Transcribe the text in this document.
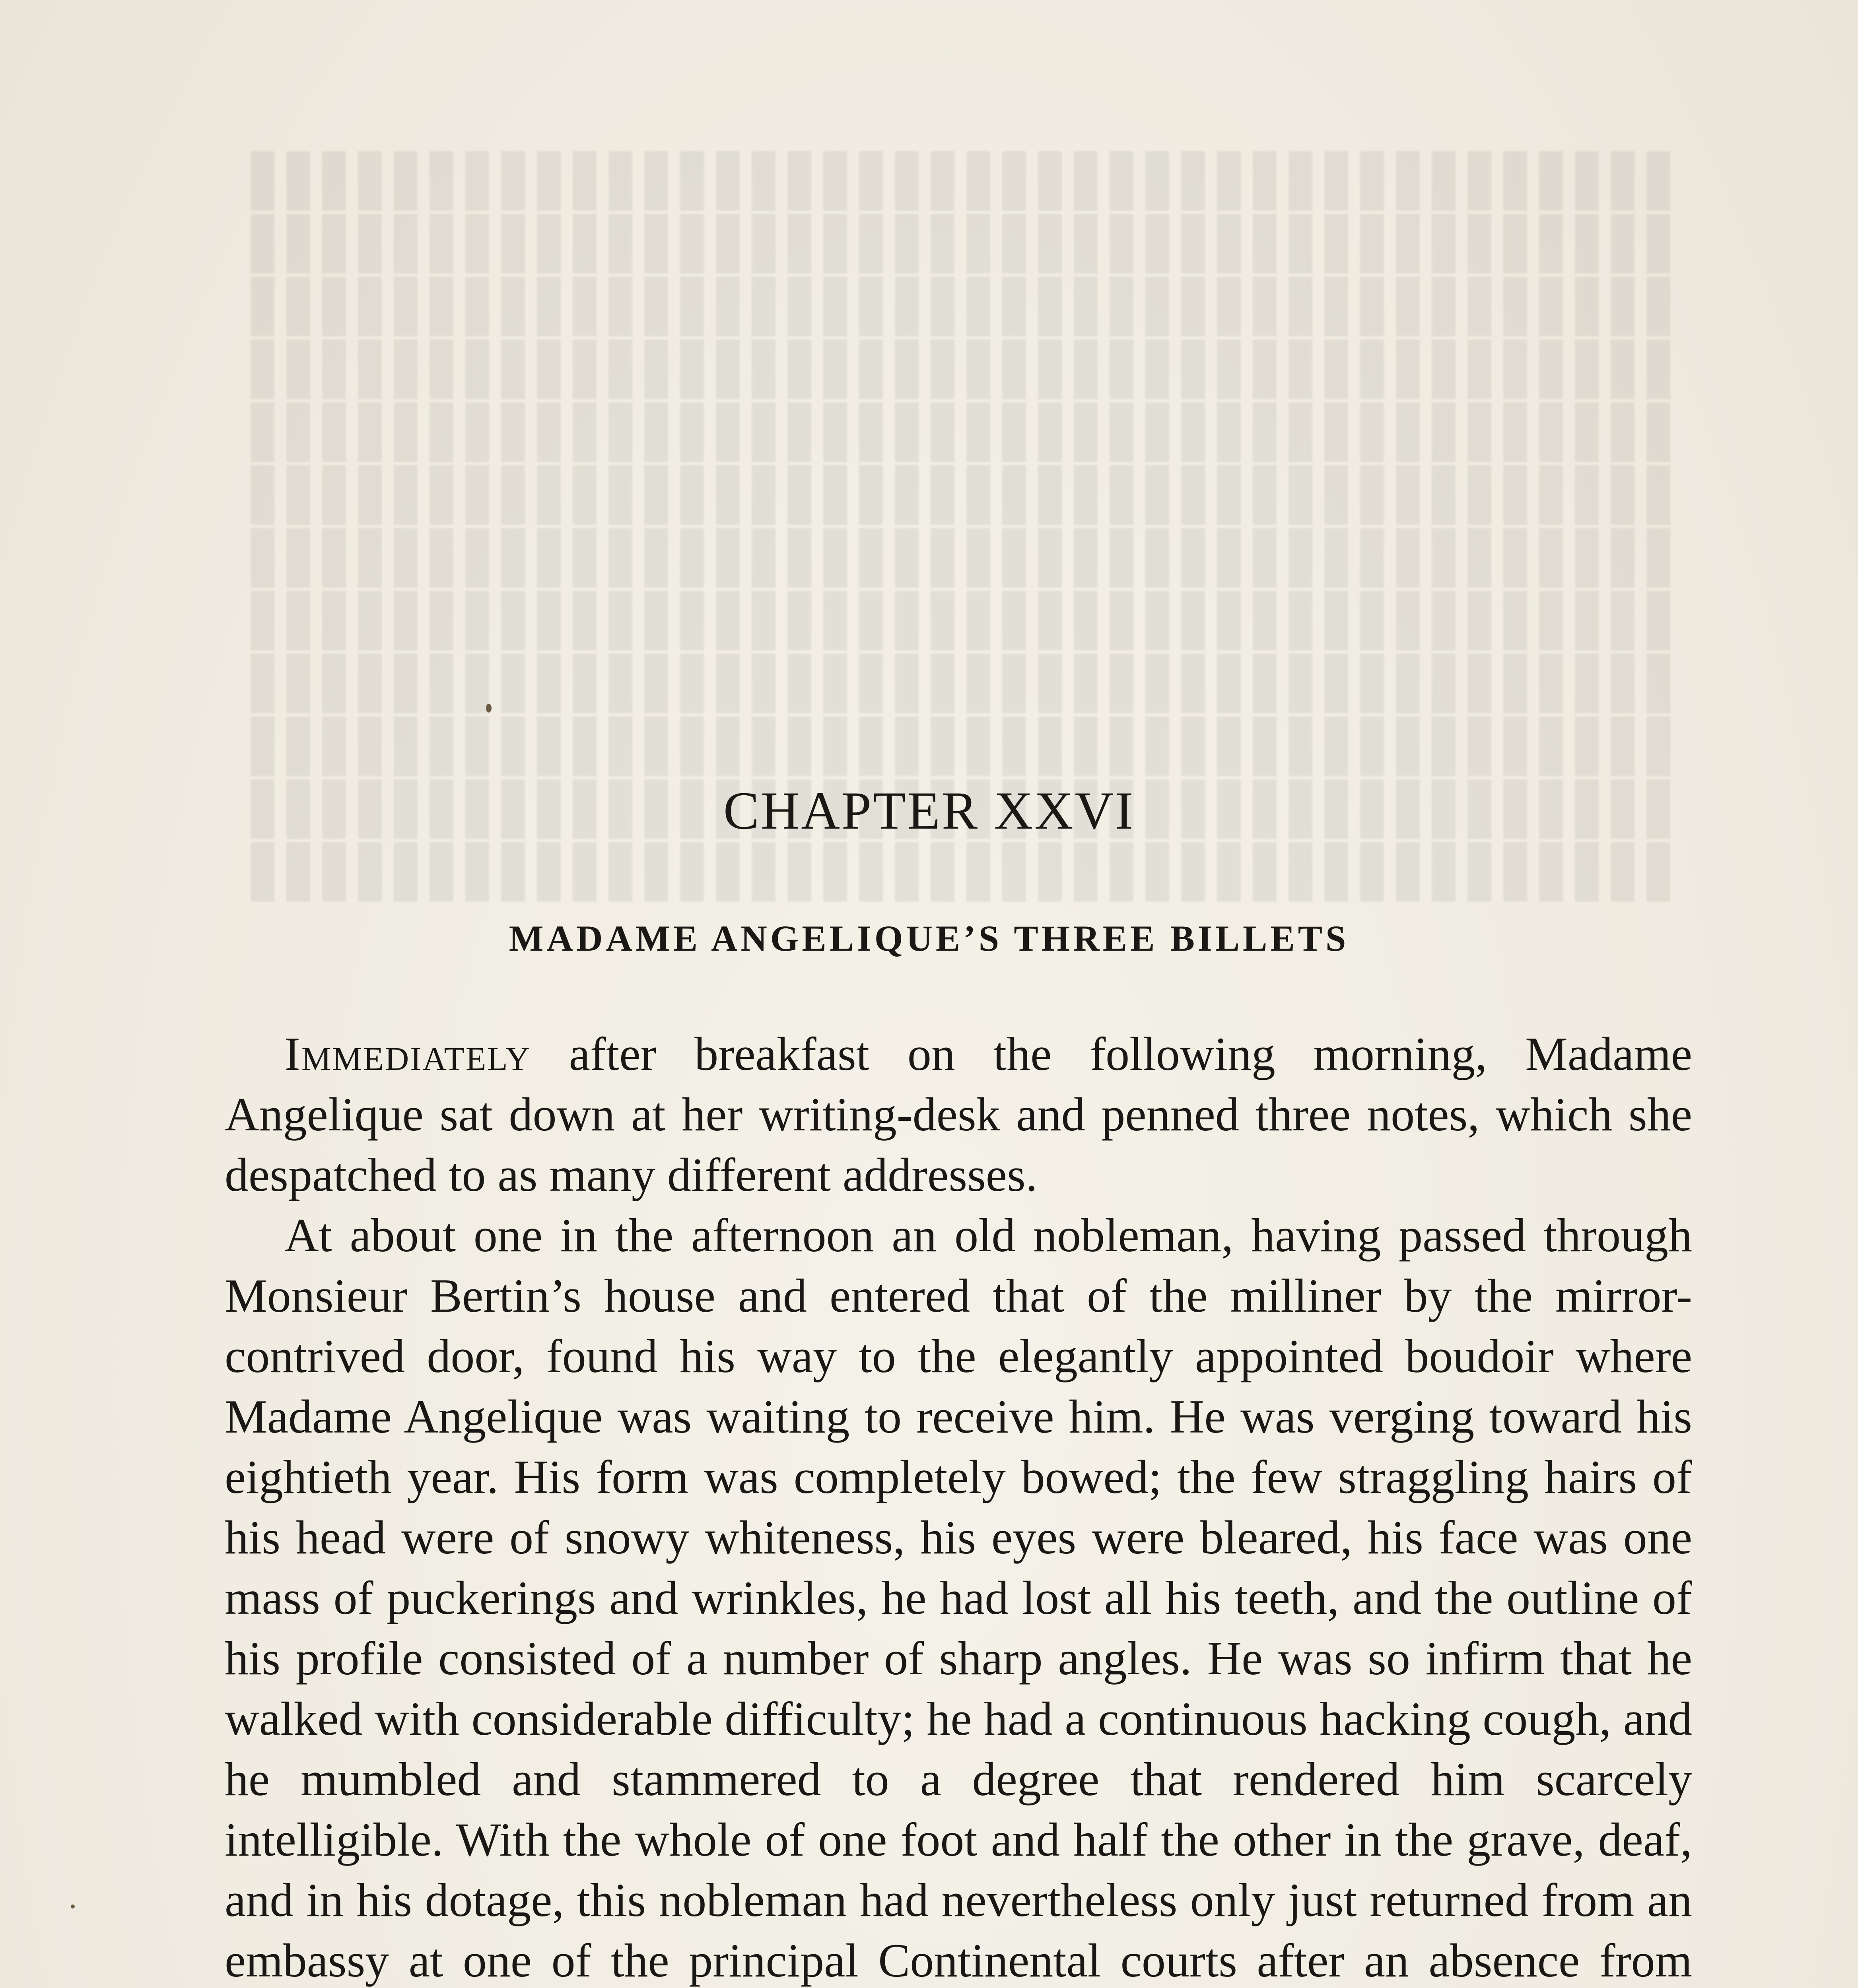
CHAPTER XXVI
MADAME ANGELIQUE’S THREE BILLETS

Immediately after breakfast on the following morning, Madame Angelique sat down at her writing-desk and penned three notes, which she despatched to as many different addresses.

At about one in the afternoon an old nobleman, having passed through Monsieur Bertin’s house and entered that of the milliner by the mirror-contrived door, found his way to the elegantly appointed boudoir where Madame Angelique was waiting to receive him. He was verging toward his eightieth year. His form was completely bowed; the few straggling hairs of his head were of snowy whiteness, his eyes were bleared, his face was one mass of puckerings and wrinkles, he had lost all his teeth, and the outline of his profile consisted of a number of sharp angles. He was so infirm that he walked with considerable difficulty; he had a continuous hacking cough, and he mumbled and stammered to a degree that rendered him scarcely intelligible. With the whole of one foot and half the other in the grave, deaf, and in his dotage, this nobleman had nevertheless only just returned from an embassy at one of the principal Continental courts after an absence from
